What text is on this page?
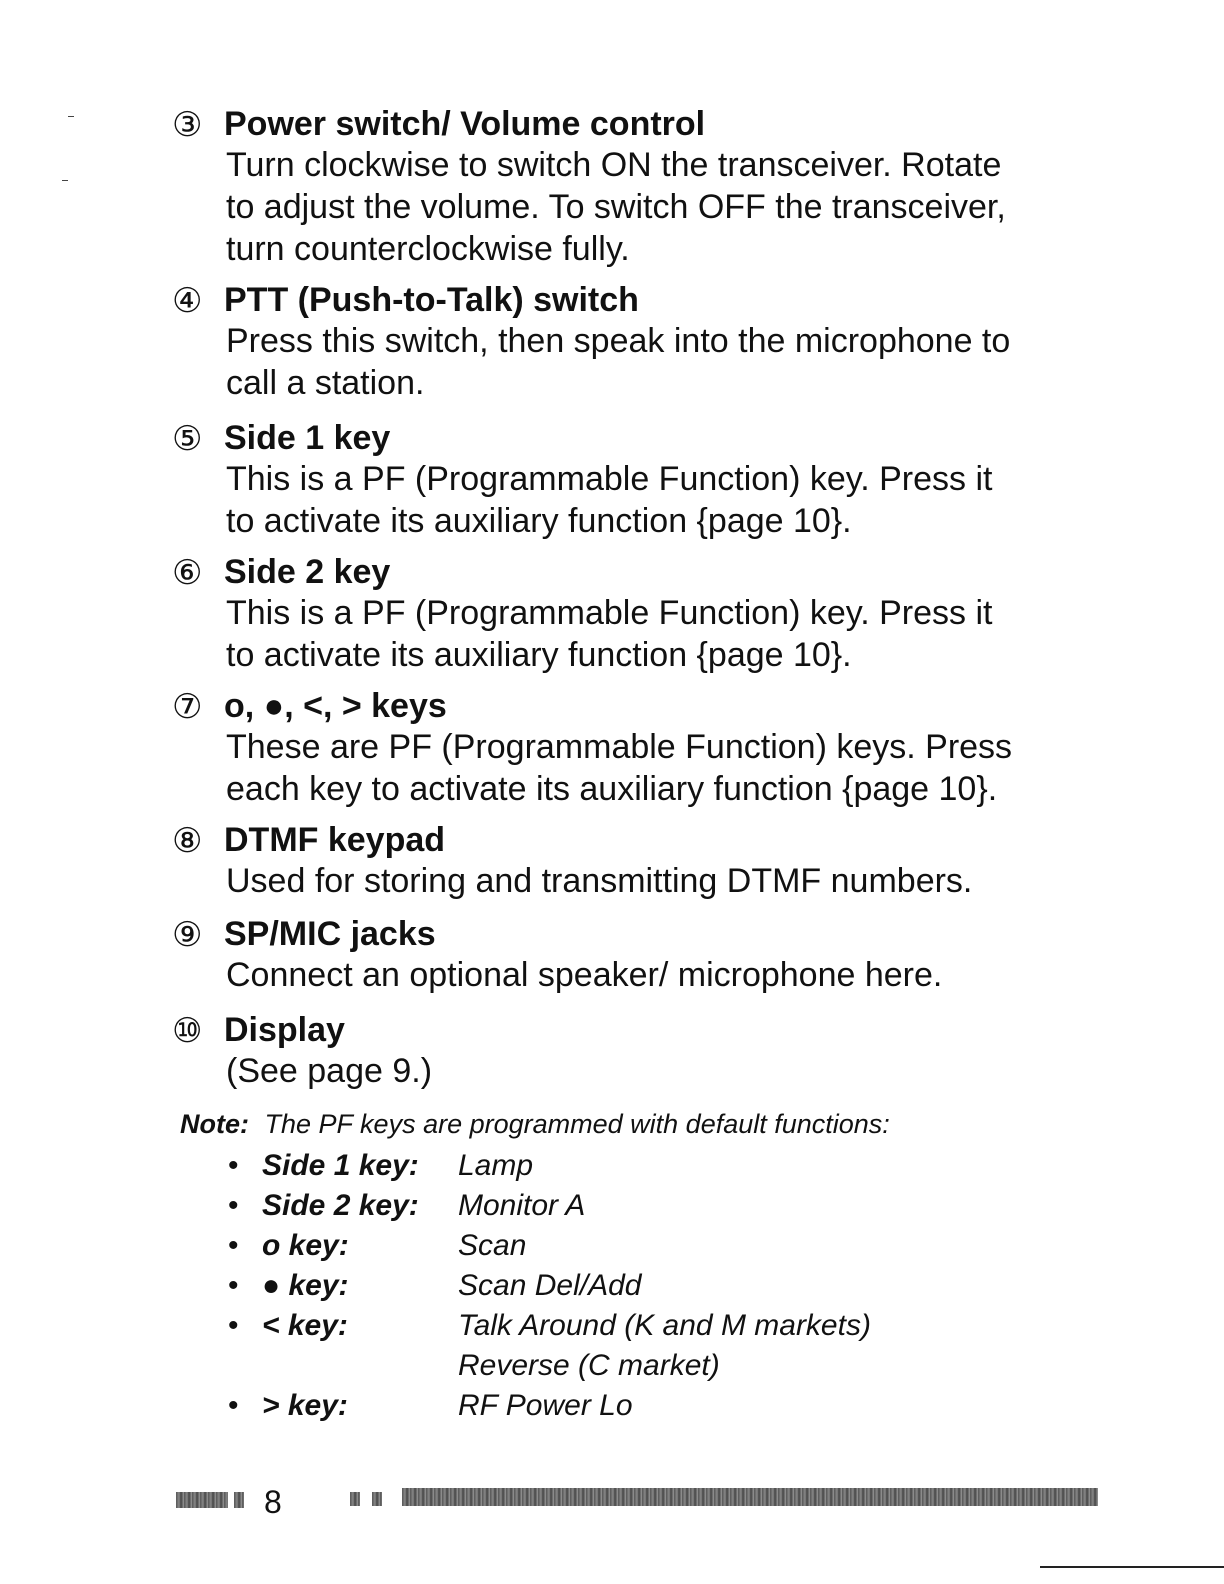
③ Power switch/ Volume control

Turn clockwise to switch ON the transceiver. Rotate
to adjust the volume. To switch OFF the transceiver,
turn counterclockwise fully.

④ PTT (Push-to-Talk) switch

Press this switch, then speak into the microphone to
call a station.

⑤ Side 1 key

This is a PF (Programmable Function) key. Press it
to activate its auxiliary function {page 10}.

⑥ Side 2 key

This is a PF (Programmable Function) key. Press it
to activate its auxiliary function {page 10}.

⑦ o, ●, <, > keys

These are PF (Programmable Function) keys. Press
each key to activate its auxiliary function {page 10}.

⑧ DTMF keypad

Used for storing and transmitting DTMF numbers.

⑨ SP/MIC jacks

Connect an optional speaker/ microphone here.

⑩ Display

(See page 9.)

Note: The PF keys are programmed with default functions:
• Side 1 key: Lamp
• Side 2 key: Monitor A
• o key:	Scan
• ● key:	Scan Del/Add
• < key:	Talk Around (K and M markets)
Reverse (C market)
• > key:	RF Power Lo
8
